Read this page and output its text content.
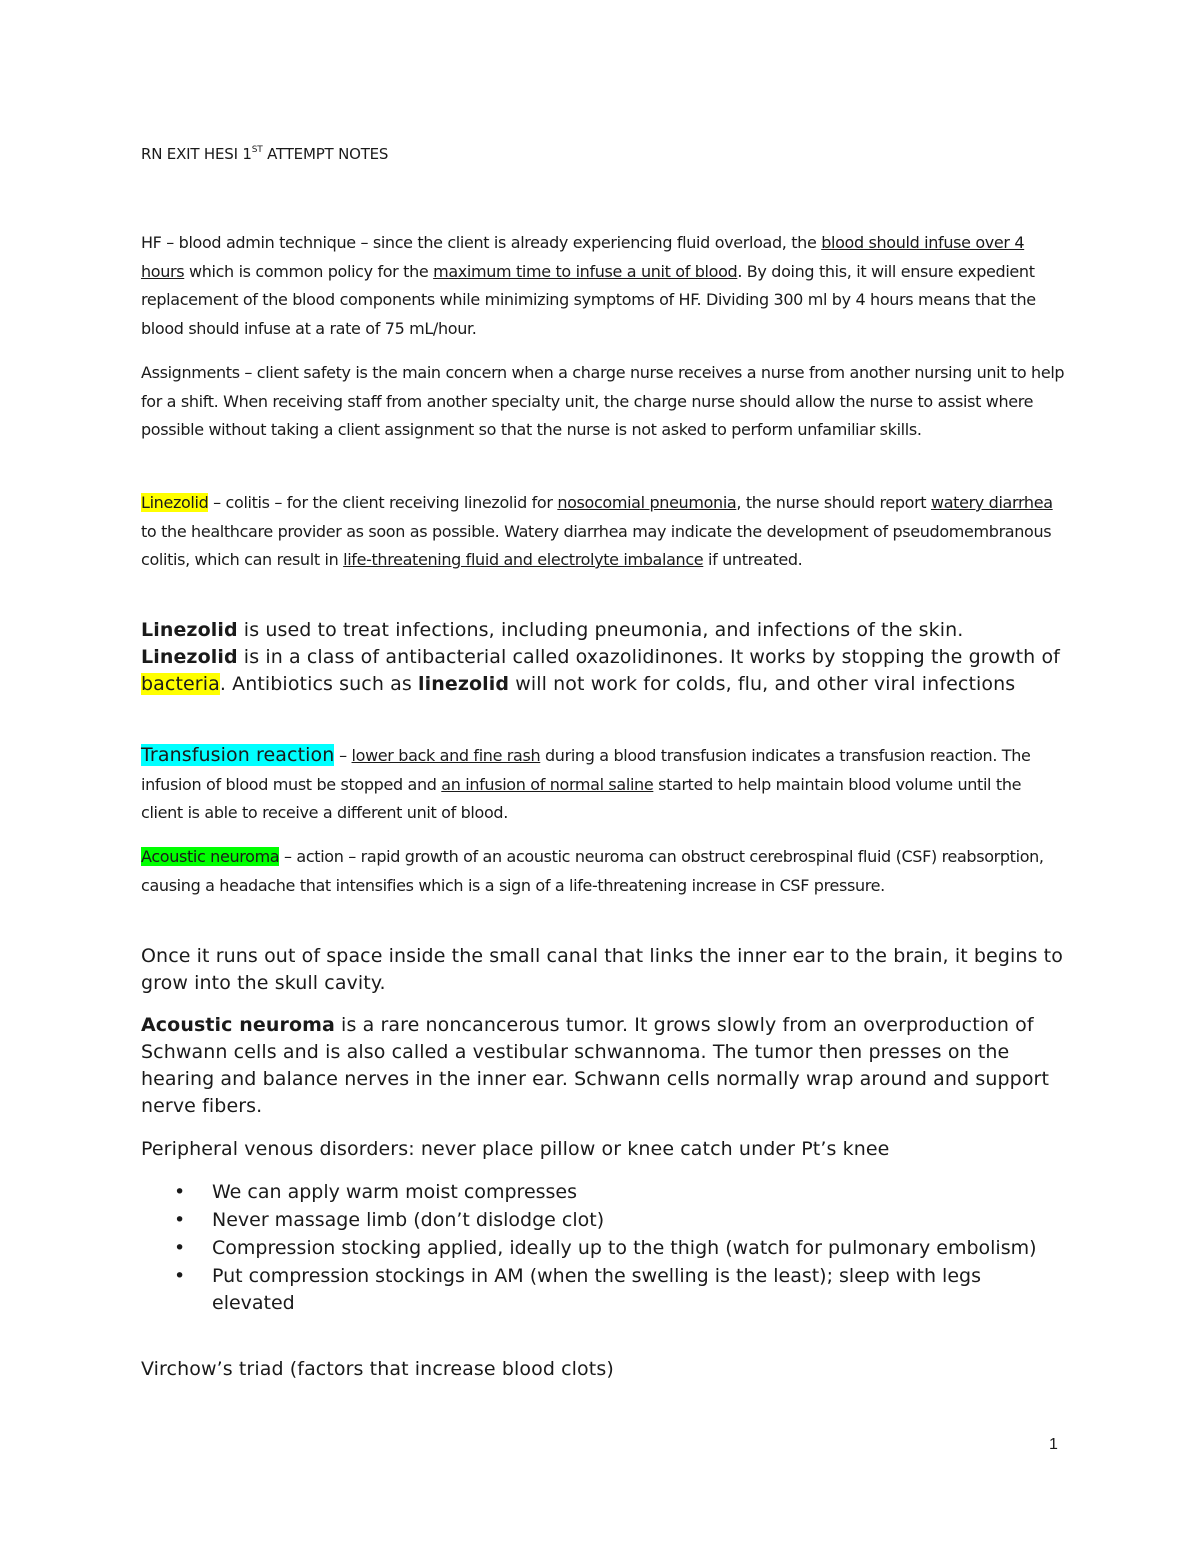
RN EXIT HESI 1ST ATTEMPT NOTES

HF – blood admin technique – since the client is already experiencing fluid overload, the blood should infuse over 4 hours which is common policy for the maximum time to infuse a unit of blood. By doing this, it will ensure expedient replacement of the blood components while minimizing symptoms of HF. Dividing 300 ml by 4 hours means that the blood should infuse at a rate of 75 mL/hour.

Assignments – client safety is the main concern when a charge nurse receives a nurse from another nursing unit to help for a shift. When receiving staff from another specialty unit, the charge nurse should allow the nurse to assist where possible without taking a client assignment so that the nurse is not asked to perform unfamiliar skills.

Linezolid – colitis – for the client receiving linezolid for nosocomial pneumonia, the nurse should report watery diarrhea to the healthcare provider as soon as possible. Watery diarrhea may indicate the development of pseudomembranous colitis, which can result in life-threatening fluid and electrolyte imbalance if untreated.

Linezolid is used to treat infections, including pneumonia, and infections of the skin. Linezolid is in a class of antibacterial called oxazolidinones. It works by stopping the growth of bacteria. Antibiotics such as linezolid will not work for colds, flu, and other viral infections

Transfusion reaction – lower back and fine rash during a blood transfusion indicates a transfusion reaction. The infusion of blood must be stopped and an infusion of normal saline started to help maintain blood volume until the client is able to receive a different unit of blood.

Acoustic neuroma – action – rapid growth of an acoustic neuroma can obstruct cerebrospinal fluid (CSF) reabsorption, causing a headache that intensifies which is a sign of a life-threatening increase in CSF pressure.

Once it runs out of space inside the small canal that links the inner ear to the brain, it begins to grow into the skull cavity.

Acoustic neuroma is a rare noncancerous tumor. It grows slowly from an overproduction of Schwann cells and is also called a vestibular schwannoma. The tumor then presses on the hearing and balance nerves in the inner ear. Schwann cells normally wrap around and support nerve fibers.

Peripheral venous disorders: never place pillow or knee catch under Pt’s knee

• We can apply warm moist compresses
• Never massage limb (don’t dislodge clot)
• Compression stocking applied, ideally up to the thigh (watch for pulmonary embolism)
• Put compression stockings in AM (when the swelling is the least); sleep with legs elevated

Virchow’s triad (factors that increase blood clots)

1
